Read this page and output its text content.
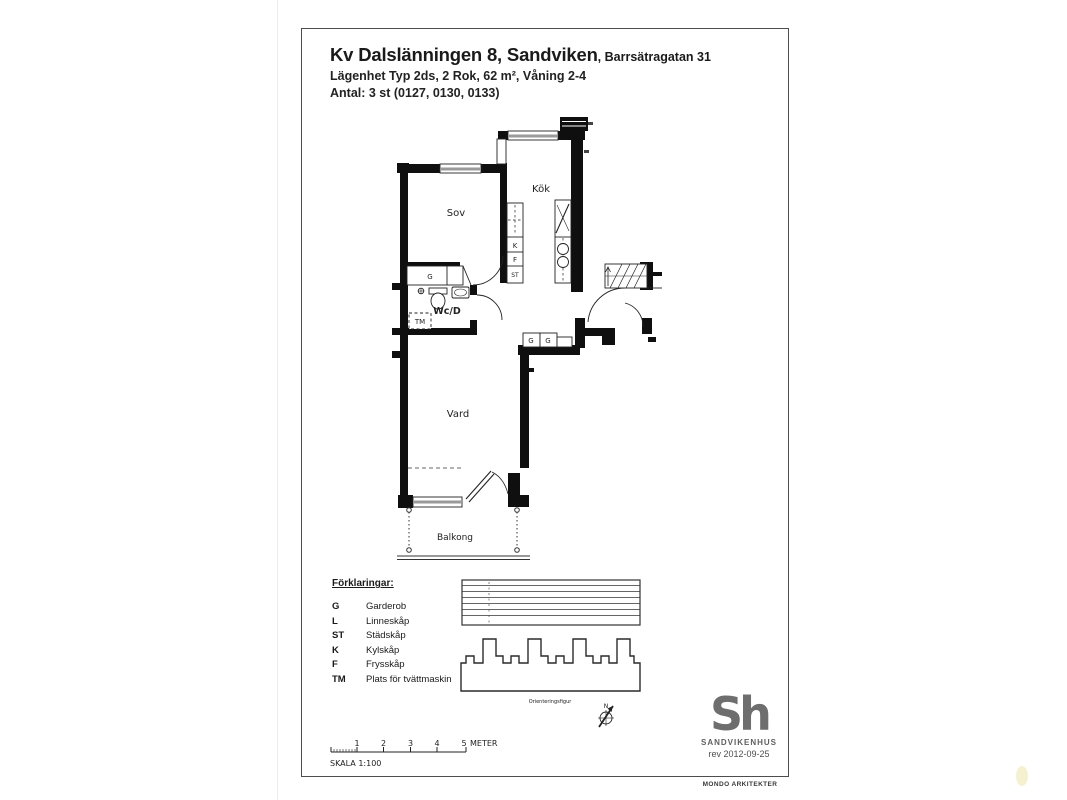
Kv Dalslänningen 8, Sandviken, Barrsätragatan 31
Lägenhet Typ 2ds, 2 Rok, 62 m², Våning 2-4
Antal: 3 st (0127, 0130, 0133)
Sov
Kök
Wc/D
Vard
Balkong
G
K
F
ST
TM
G G
Förklaringar:
G	Garderob
L	Linneskåp
ST	Städskåp
K	Kylskåp
F	Frysskåp
TM	Plats för tvättmaskin
Orienteringsfigur
N
1	2	3	4	5 METER
SKALA 1:100
Sh
SANDVIKENHUS
rev 2012-09-25
MONDO ARKITEKTER
